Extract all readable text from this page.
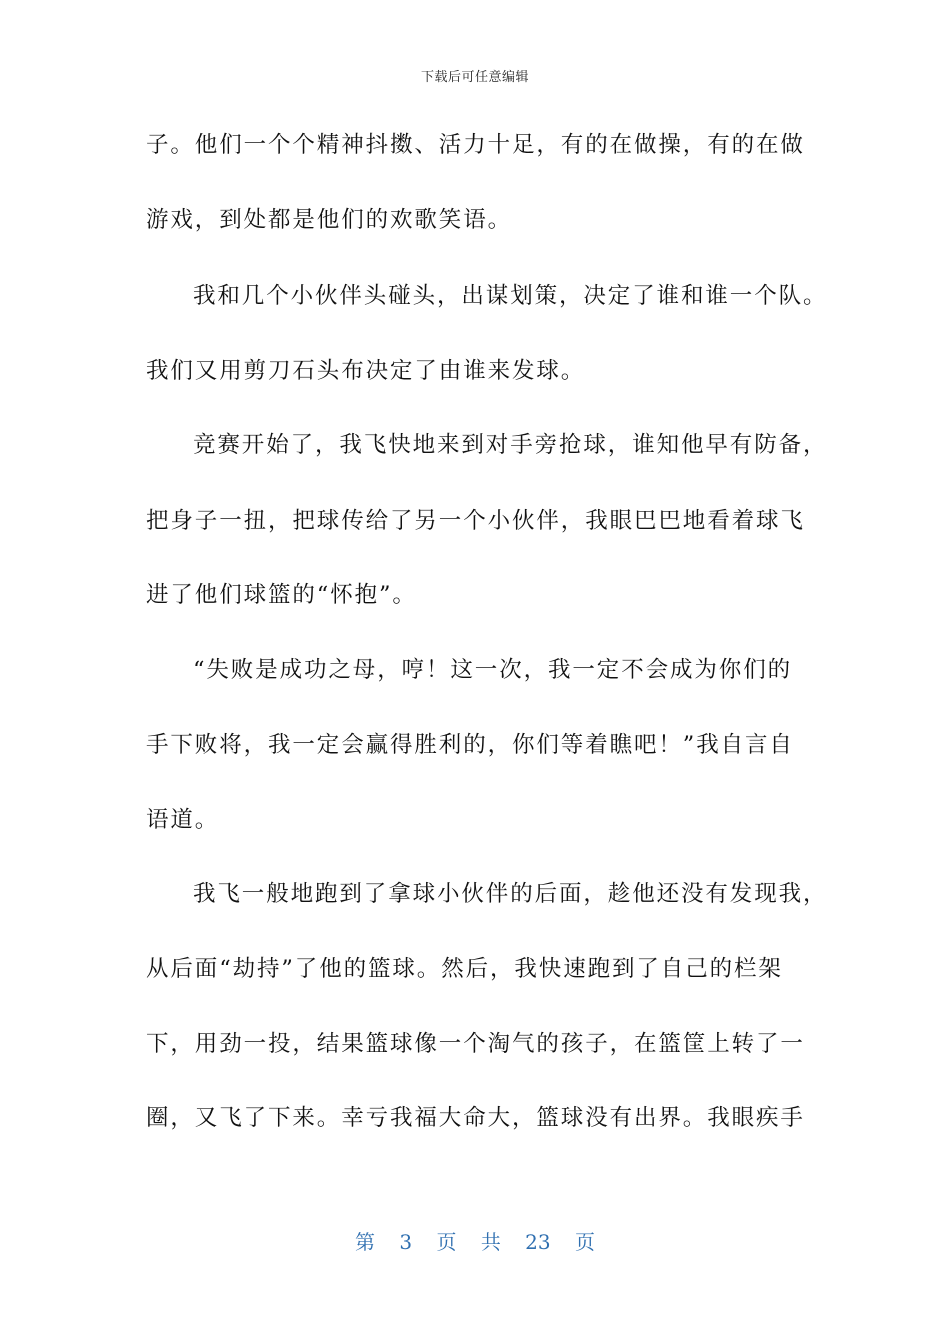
下载后可任意编辑
子。他们一个个精神抖擞、活力十足，有的在做操，有的在做
游戏，到处都是他们的欢歌笑语。
我和几个小伙伴头碰头，出谋划策，决定了谁和谁一个队。
我们又用剪刀石头布决定了由谁来发球。
竞赛开始了，我飞快地来到对手旁抢球，谁知他早有防备，
把身子一扭，把球传给了另一个小伙伴，我眼巴巴地看着球飞
进了他们球篮的“怀抱”。
“失败是成功之母，哼！这一次，我一定不会成为你们的
手下败将，我一定会赢得胜利的，你们等着瞧吧！”我自言自
语道。
我飞一般地跑到了拿球小伙伴的后面，趁他还没有发现我，
从后面“劫持”了他的篮球。然后，我快速跑到了自己的栏架
下，用劲一投，结果篮球像一个淘气的孩子，在篮筐上转了一
圈，又飞了下来。幸亏我福大命大，篮球没有出界。我眼疾手
第 3 页 共 23 页
